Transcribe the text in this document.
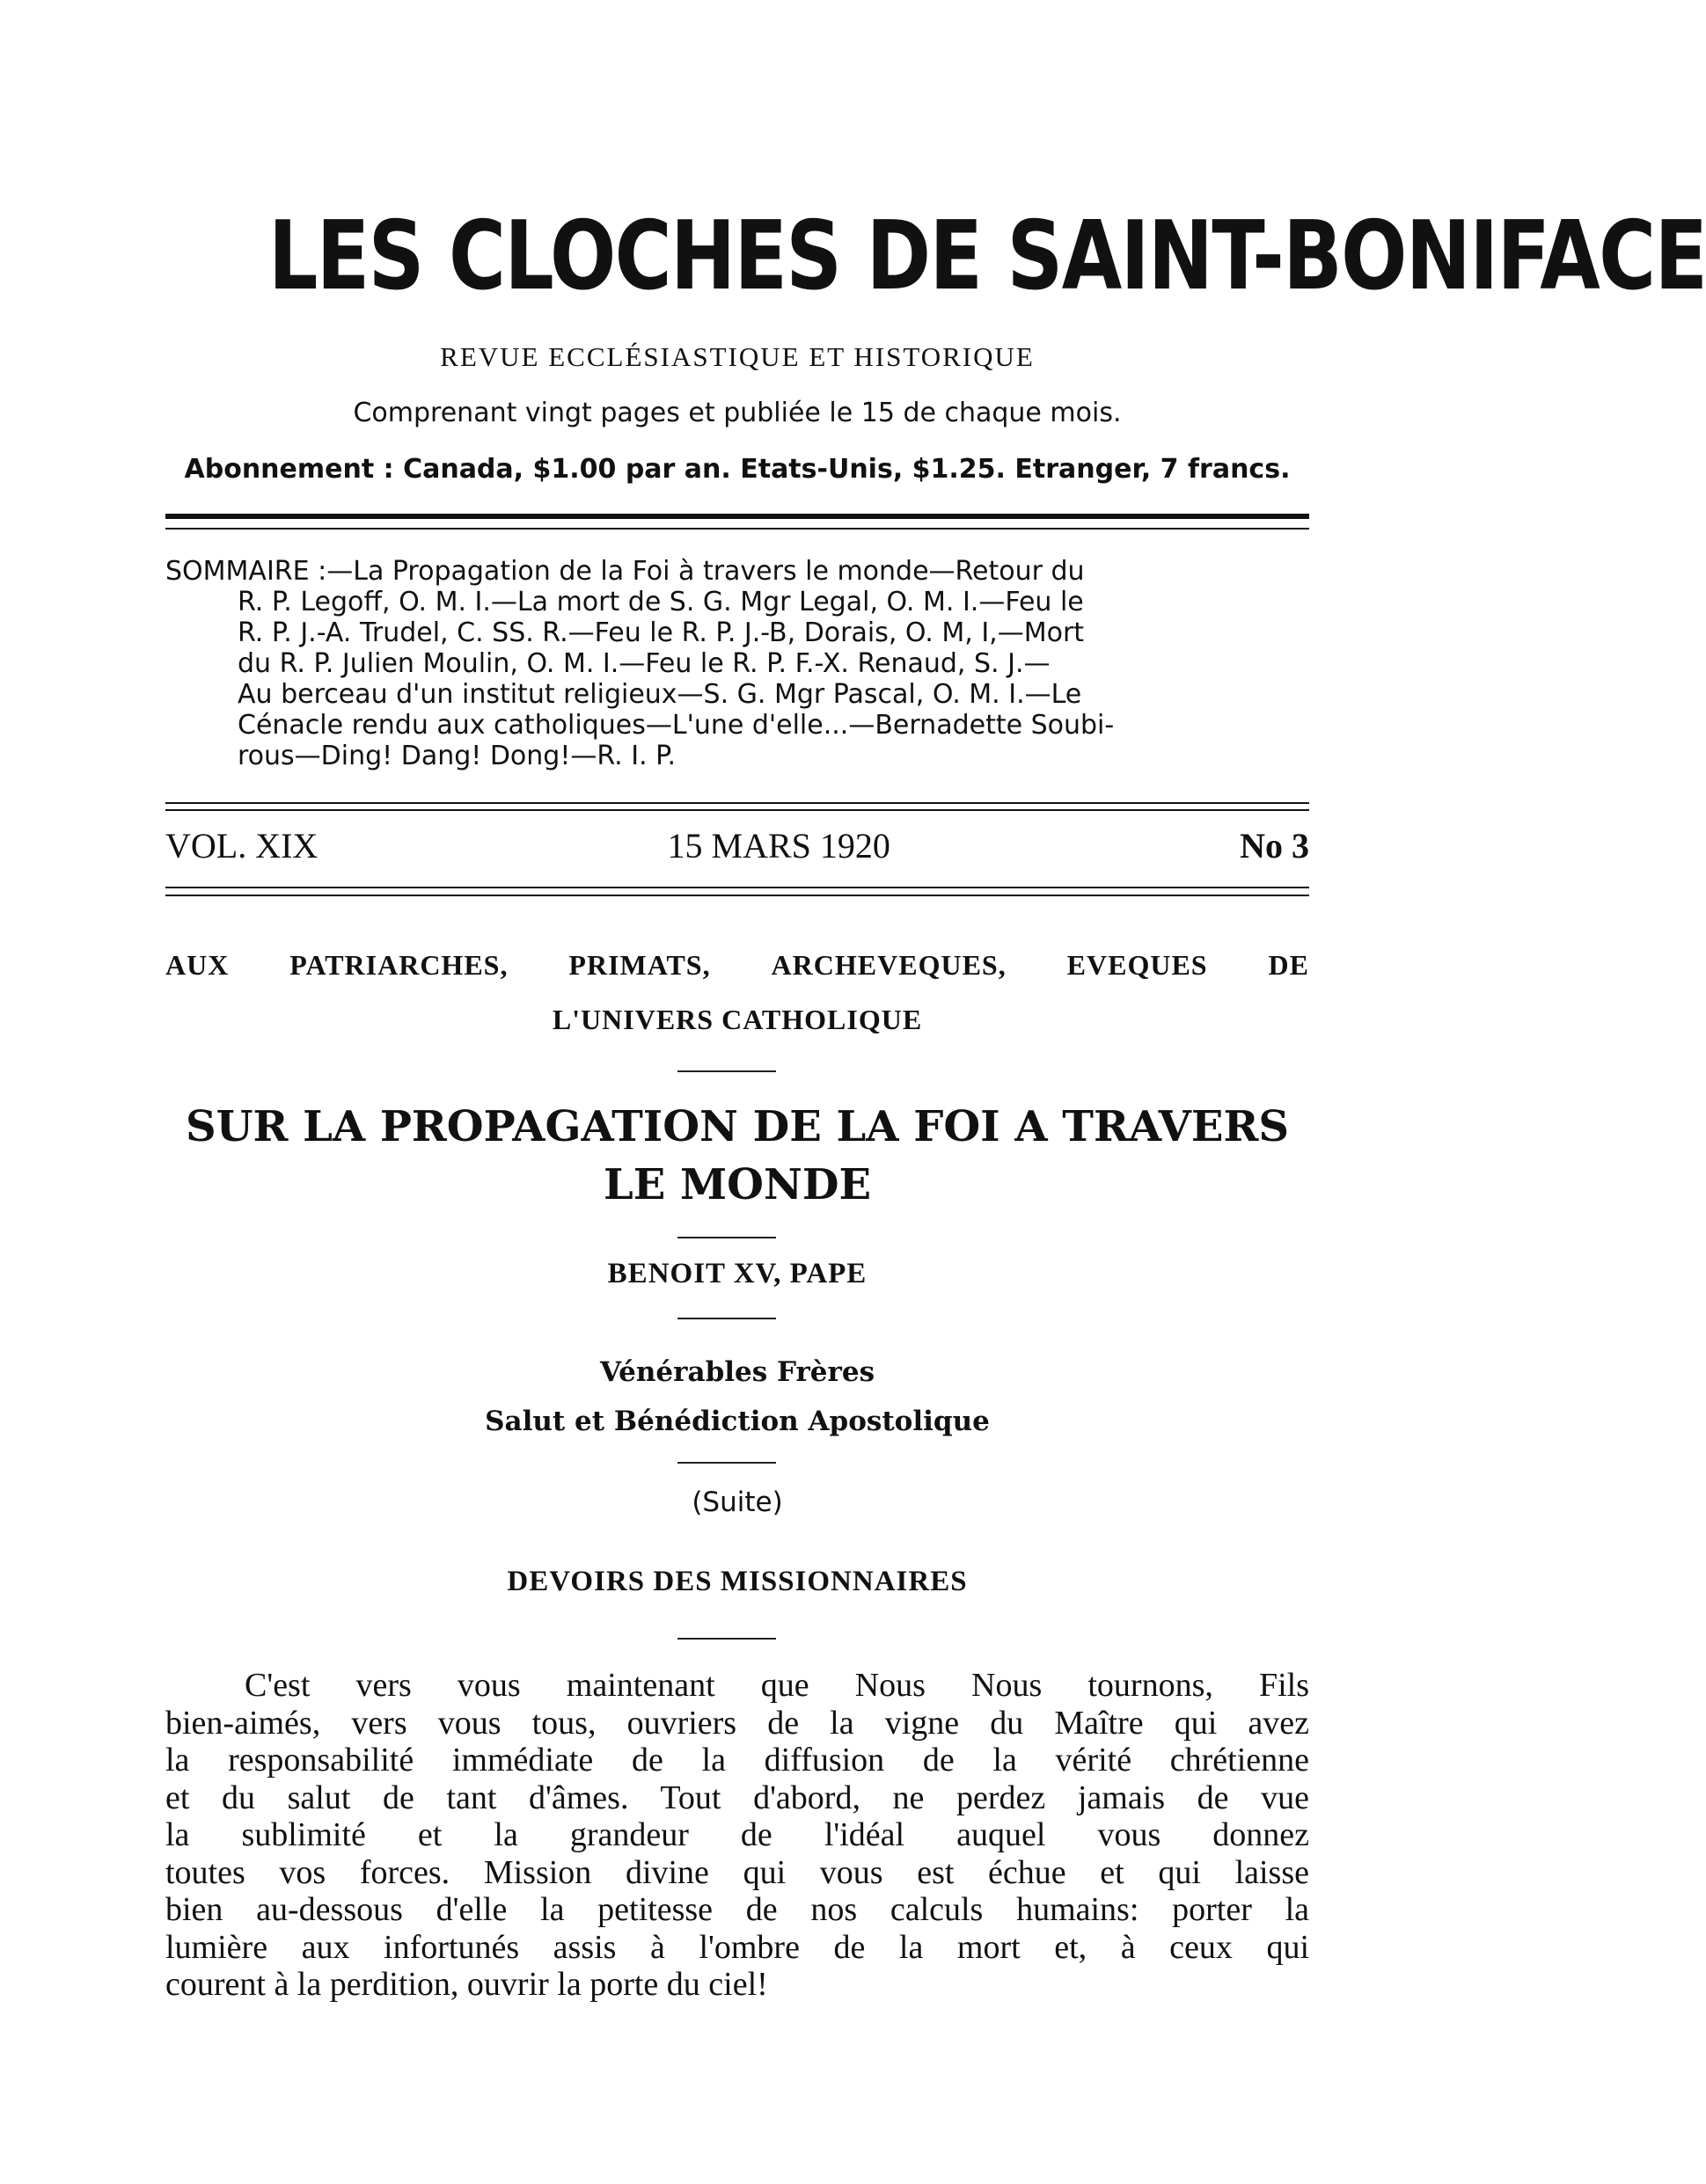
LES CLOCHES DE SAINT-BONIFACE
REVUE ECCLÉSIASTIQUE ET HISTORIQUE
Comprenant vingt pages et publiée le 15 de chaque mois.
Abonnement : Canada, $1.00 par an. Etats-Unis, $1.25. Etranger, 7 francs.
SOMMAIRE :—La Propagation de la Foi à travers le monde—Retour du
R. P. Legoff, O. M. I.—La mort de S. G. Mgr Legal, O. M. I.—Feu le
R. P. J.-A. Trudel, C. SS. R.—Feu le R. P. J.-B, Dorais, O. M, I,—Mort
du R. P. Julien Moulin, O. M. I.—Feu le R. P. F.-X. Renaud, S. J.—
Au berceau d'un institut religieux—S. G. Mgr Pascal, O. M. I.—Le
Cénacle rendu aux catholiques—L'une d'elle...—Bernadette Soubi-
rous—Ding! Dang! Dong!—R. I. P.
VOL. XIX	15 MARS 1920	No 3
AUX PATRIARCHES, PRIMATS, ARCHEVEQUES, EVEQUES DE
L'UNIVERS CATHOLIQUE
SUR LA PROPAGATION DE LA FOI A TRAVERS
LE MONDE
BENOIT XV, PAPE
Vénérables Frères
Salut et Bénédiction Apostolique
(Suite)
DEVOIRS DES MISSIONNAIRES
C'est vers vous maintenant que Nous Nous tournons, Fils
bien-aimés, vers vous tous, ouvriers de la vigne du Maître qui avez
la responsabilité immédiate de la diffusion de la vérité chrétienne
et du salut de tant d'âmes. Tout d'abord, ne perdez jamais de vue
la sublimité et la grandeur de l'idéal auquel vous donnez
toutes vos forces. Mission divine qui vous est échue et qui laisse
bien au-dessous d'elle la petitesse de nos calculs humains: porter la
lumière aux infortunés assis à l'ombre de la mort et, à ceux qui
courent à la perdition, ouvrir la porte du ciel!
